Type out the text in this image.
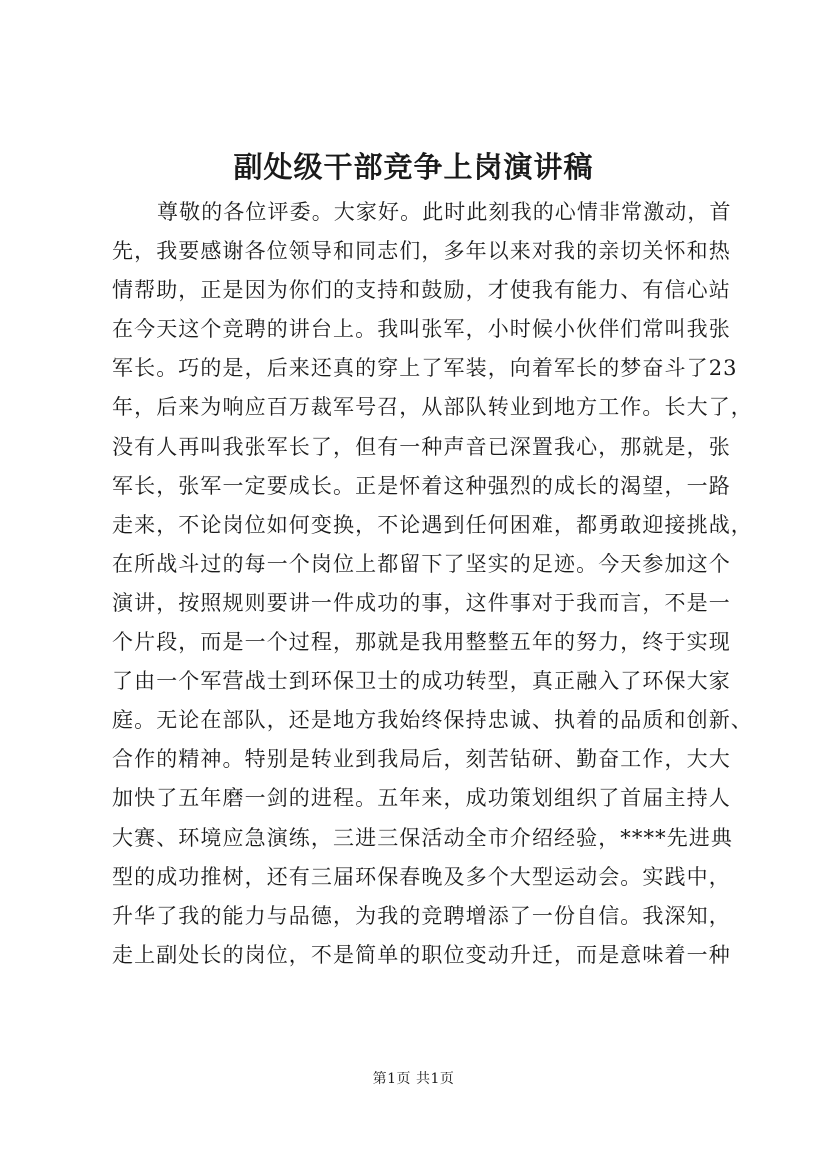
副处级干部竞争上岗演讲稿
尊敬的各位评委。大家好。此时此刻我的心情非常激动，首
先，我要感谢各位领导和同志们，多年以来对我的亲切关怀和热
情帮助，正是因为你们的支持和鼓励，才使我有能力、有信心站
在今天这个竞聘的讲台上。我叫张军，小时候小伙伴们常叫我张
军长。巧的是，后来还真的穿上了军装，向着军长的梦奋斗了23
年，后来为响应百万裁军号召，从部队转业到地方工作。长大了，
没有人再叫我张军长了，但有一种声音已深置我心，那就是，张
军长，张军一定要成长。正是怀着这种强烈的成长的渴望，一路
走来，不论岗位如何变换，不论遇到任何困难，都勇敢迎接挑战，
在所战斗过的每一个岗位上都留下了坚实的足迹。今天参加这个
演讲，按照规则要讲一件成功的事，这件事对于我而言，不是一
个片段，而是一个过程，那就是我用整整五年的努力，终于实现
了由一个军营战士到环保卫士的成功转型，真正融入了环保大家
庭。无论在部队，还是地方我始终保持忠诚、执着的品质和创新、
合作的精神。特别是转业到我局后，刻苦钻研、勤奋工作，大大
加快了五年磨一剑的进程。五年来，成功策划组织了首届主持人
大赛、环境应急演练，三进三保活动全市介绍经验，****先进典
型的成功推树，还有三届环保春晚及多个大型运动会。实践中，
升华了我的能力与品德，为我的竞聘增添了一份自信。我深知，
走上副处长的岗位，不是简单的职位变动升迁，而是意味着一种
第1页 共1页
